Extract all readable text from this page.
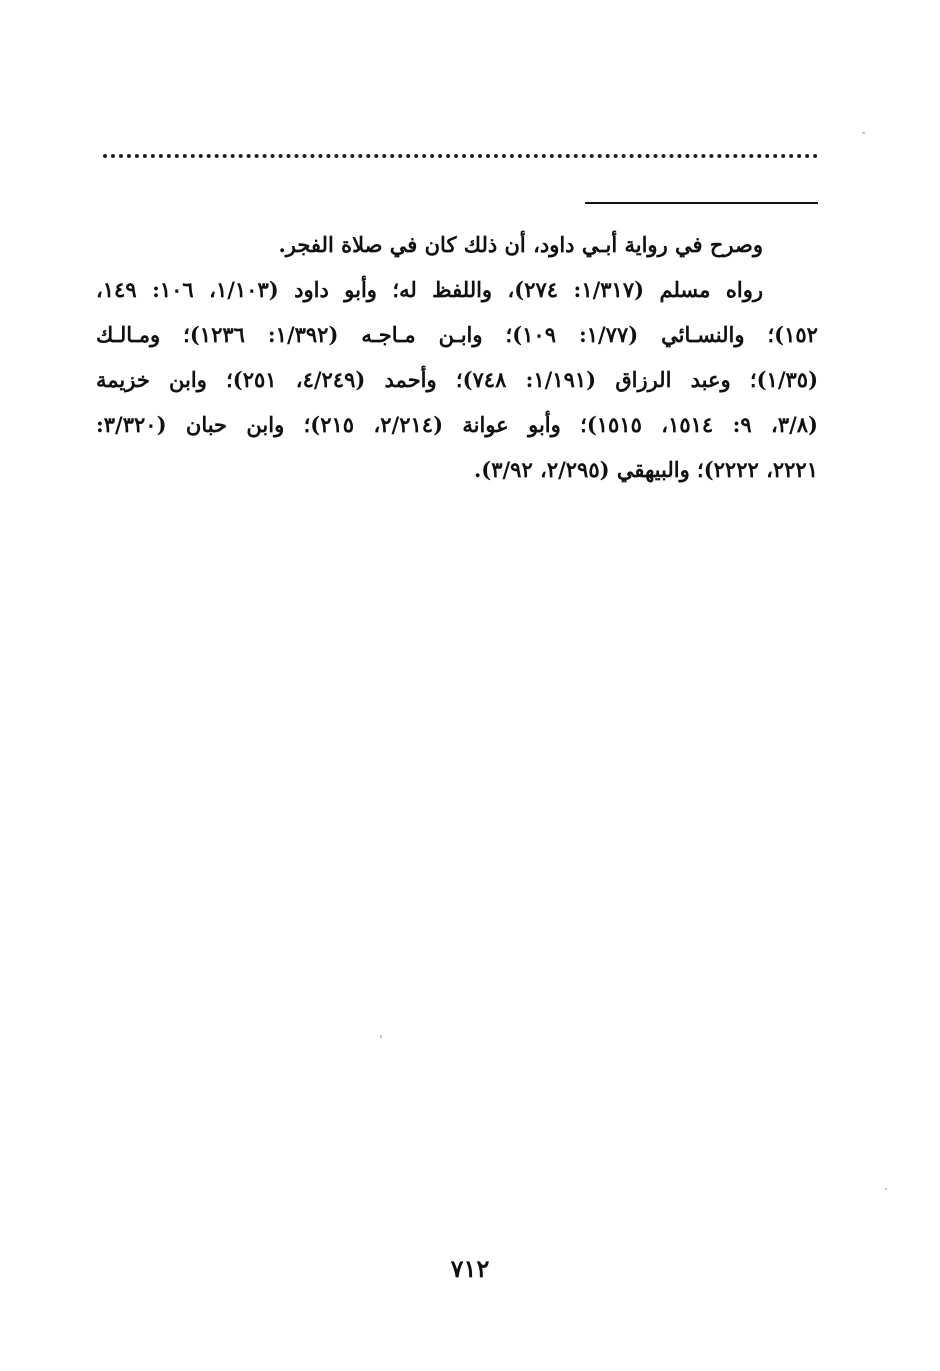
وصرح في رواية أبـي داود، أن ذلك كان في صلاة الفجر.

رواه مسلم (١/٣١٧: ٢٧٤)، واللفظ له؛ وأبو داود (١/١٠٣، ١٠٦: ١٤٩،

١٥٢)؛ والنسـائي (١/٧٧: ١٠٩)؛ وابـن مـاجـه (١/٣٩٢: ١٢٣٦)؛ ومـالـك

(١/٣٥)؛ وعبد الرزاق (١/١٩١: ٧٤٨)؛ وأحمد (٤/٢٤٩، ٢٥١)؛ وابن خزيمة

(٣/٨، ٩: ١٥١٤، ١٥١٥)؛ وأبو عوانة (٢/٢١٤، ٢١٥)؛ وابن حبان (٣/٣٢٠:

٢٢٢١، ٢٢٢٢)؛ والبيهقي (٢/٢٩٥، ٣/٩٢).

٧١٢
